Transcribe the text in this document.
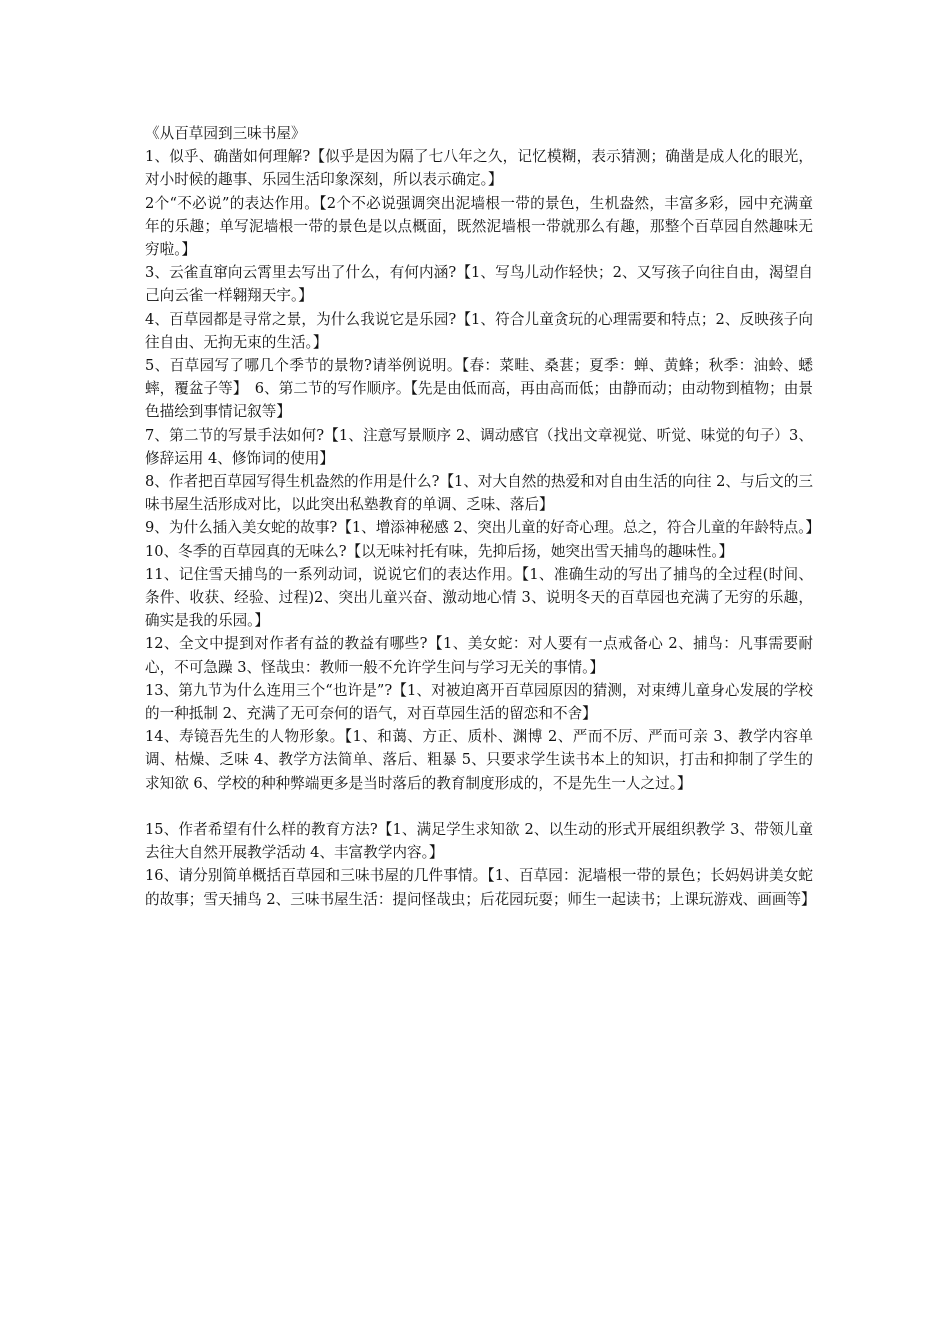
《从百草园到三味书屋》

1、似乎、确凿如何理解?【似乎是因为隔了七八年之久，记忆模糊，表示猜测；确凿是成人化的眼光，对小时候的趣事、乐园生活印象深刻，所以表示确定。】

2个“不必说”的表达作用。【2个不必说强调突出泥墙根一带的景色，生机盎然，丰富多彩，园中充满童年的乐趣；单写泥墙根一带的景色是以点概面，既然泥墙根一带就那么有趣，那整个百草园自然趣味无穷啦。】

3、云雀直窜向云霄里去写出了什么，有何内涵?【1、写鸟儿动作轻快；2、又写孩子向往自由，渴望自己向云雀一样翱翔天宇。】

4、百草园都是寻常之景，为什么我说它是乐园?【1、符合儿童贪玩的心理需要和特点；2、反映孩子向往自由、无拘无束的生活。】

5、百草园写了哪几个季节的景物?请举例说明。【春：菜畦、桑葚；夏季：蝉、黄蜂；秋季：油蛉、蟋蟀，覆盆子等】　6、第二节的写作顺序。【先是由低而高，再由高而低；由静而动；由动物到植物；由景色描绘到事情记叙等】

7、第二节的写景手法如何?【1、注意写景顺序 2、调动感官（找出文章视觉、听觉、味觉的句子）3、修辞运用 4、修饰词的使用】

8、作者把百草园写得生机盎然的作用是什么?【1、对大自然的热爱和对自由生活的向往 2、与后文的三味书屋生活形成对比，以此突出私塾教育的单调、乏味、落后】

9、为什么插入美女蛇的故事?【1、增添神秘感 2、突出儿童的好奇心理。总之，符合儿童的年龄特点。】

10、冬季的百草园真的无味么?【以无味衬托有味，先抑后扬，她突出雪天捕鸟的趣味性。】

11、记住雪天捕鸟的一系列动词，说说它们的表达作用。【1、准确生动的写出了捕鸟的全过程(时间、条件、收获、经验、过程)2、突出儿童兴奋、激动地心情 3、说明冬天的百草园也充满了无穷的乐趣，确实是我的乐园。】

12、全文中提到对作者有益的教益有哪些?【1、美女蛇：对人要有一点戒备心 2、捕鸟：凡事需要耐心，不可急躁 3、怪哉虫：教师一般不允许学生问与学习无关的事情。】

13、第九节为什么连用三个“也许是”?【1、对被迫离开百草园原因的猜测，对束缚儿童身心发展的学校的一种抵制 2、充满了无可奈何的语气，对百草园生活的留恋和不舍】

14、寿镜吾先生的人物形象。【1、和蔼、方正、质朴、渊博 2、严而不厉、严而可亲 3、教学内容单调、枯燥、乏味 4、教学方法简单、落后、粗暴 5、只要求学生读书本上的知识，打击和抑制了学生的求知欲 6、学校的种种弊端更多是当时落后的教育制度形成的，不是先生一人之过。】

15、作者希望有什么样的教育方法?【1、满足学生求知欲 2、以生动的形式开展组织教学 3、带领儿童去往大自然开展教学活动 4、丰富教学内容。】

16、请分别简单概括百草园和三味书屋的几件事情。【1、百草园：泥墙根一带的景色；长妈妈讲美女蛇的故事；雪天捕鸟 2、三味书屋生活：提问怪哉虫；后花园玩耍；师生一起读书；上课玩游戏、画画等】
